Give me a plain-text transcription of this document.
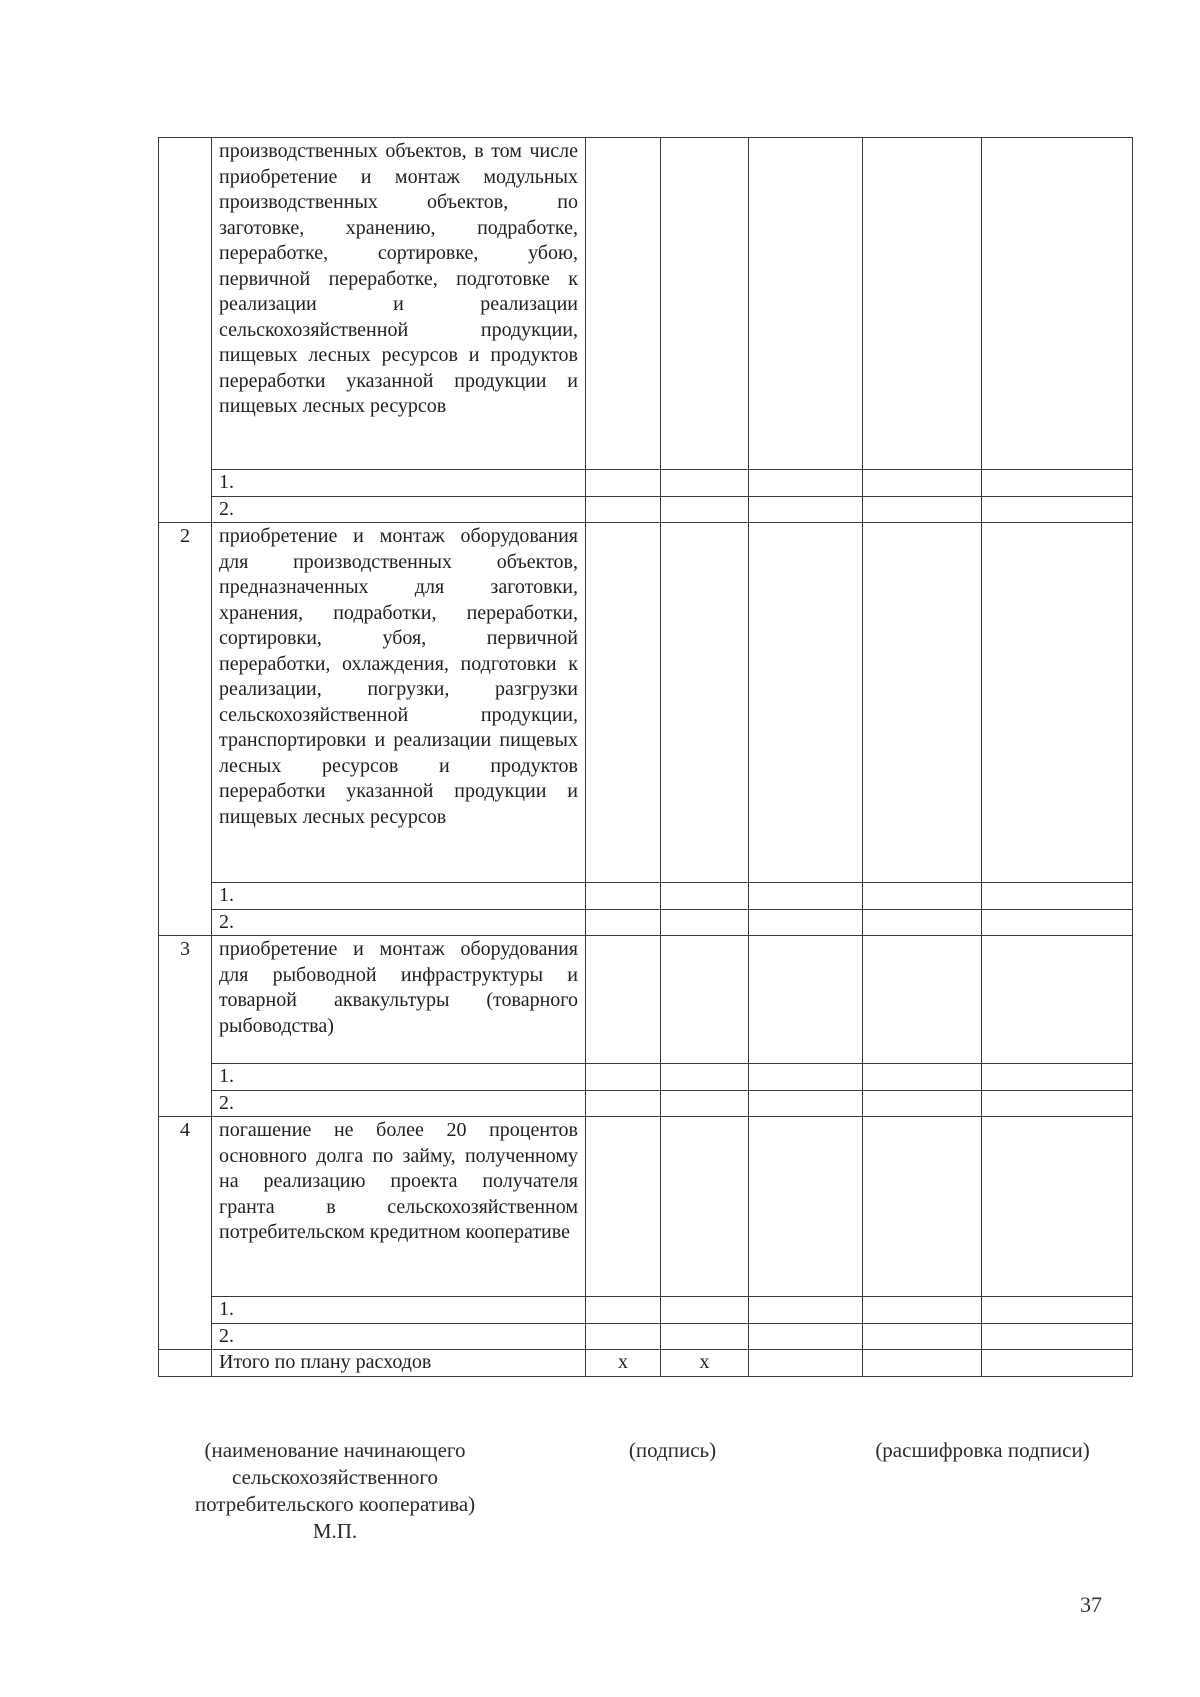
	производственных объектов, в том числе приобретение и монтаж модульных производственных объектов, по заготовке, хранению, подработке, переработке, сортировке, убою, первичной переработке, подготовке к реализации и реализации сельскохозяйственной продукции, пищевых лесных ресурсов и продуктов переработки указанной продукции и пищевых лесных ресурсов					
	1.					
	2.					
2	приобретение и монтаж оборудования для производственных объектов, предназначенных для заготовки, хранения, подработки, переработки, сортировки, убоя, первичной переработки, охлаждения, подготовки к реализации, погрузки, разгрузки сельскохозяйственной продукции, транспортировки и реализации пищевых лесных ресурсов и продуктов переработки указанной продукции и пищевых лесных ресурсов					
	1.					
	2.					
3	приобретение и монтаж оборудования для рыбоводной инфраструктуры и товарной аквакультуры (товарного рыбоводства)					
	1.					
	2.					
4	погашение не более 20 процентов основного долга по займу, полученному на реализацию проекта получателя гранта в сельскохозяйственном потребительском кредитном кооперативе					
	1.					
	2.					
	Итого по плану расходов	х	х			
(наименование начинающего
сельскохозяйственного
потребительского кооператива)
М.П.
(подпись)	(расшифровка подписи)
37
